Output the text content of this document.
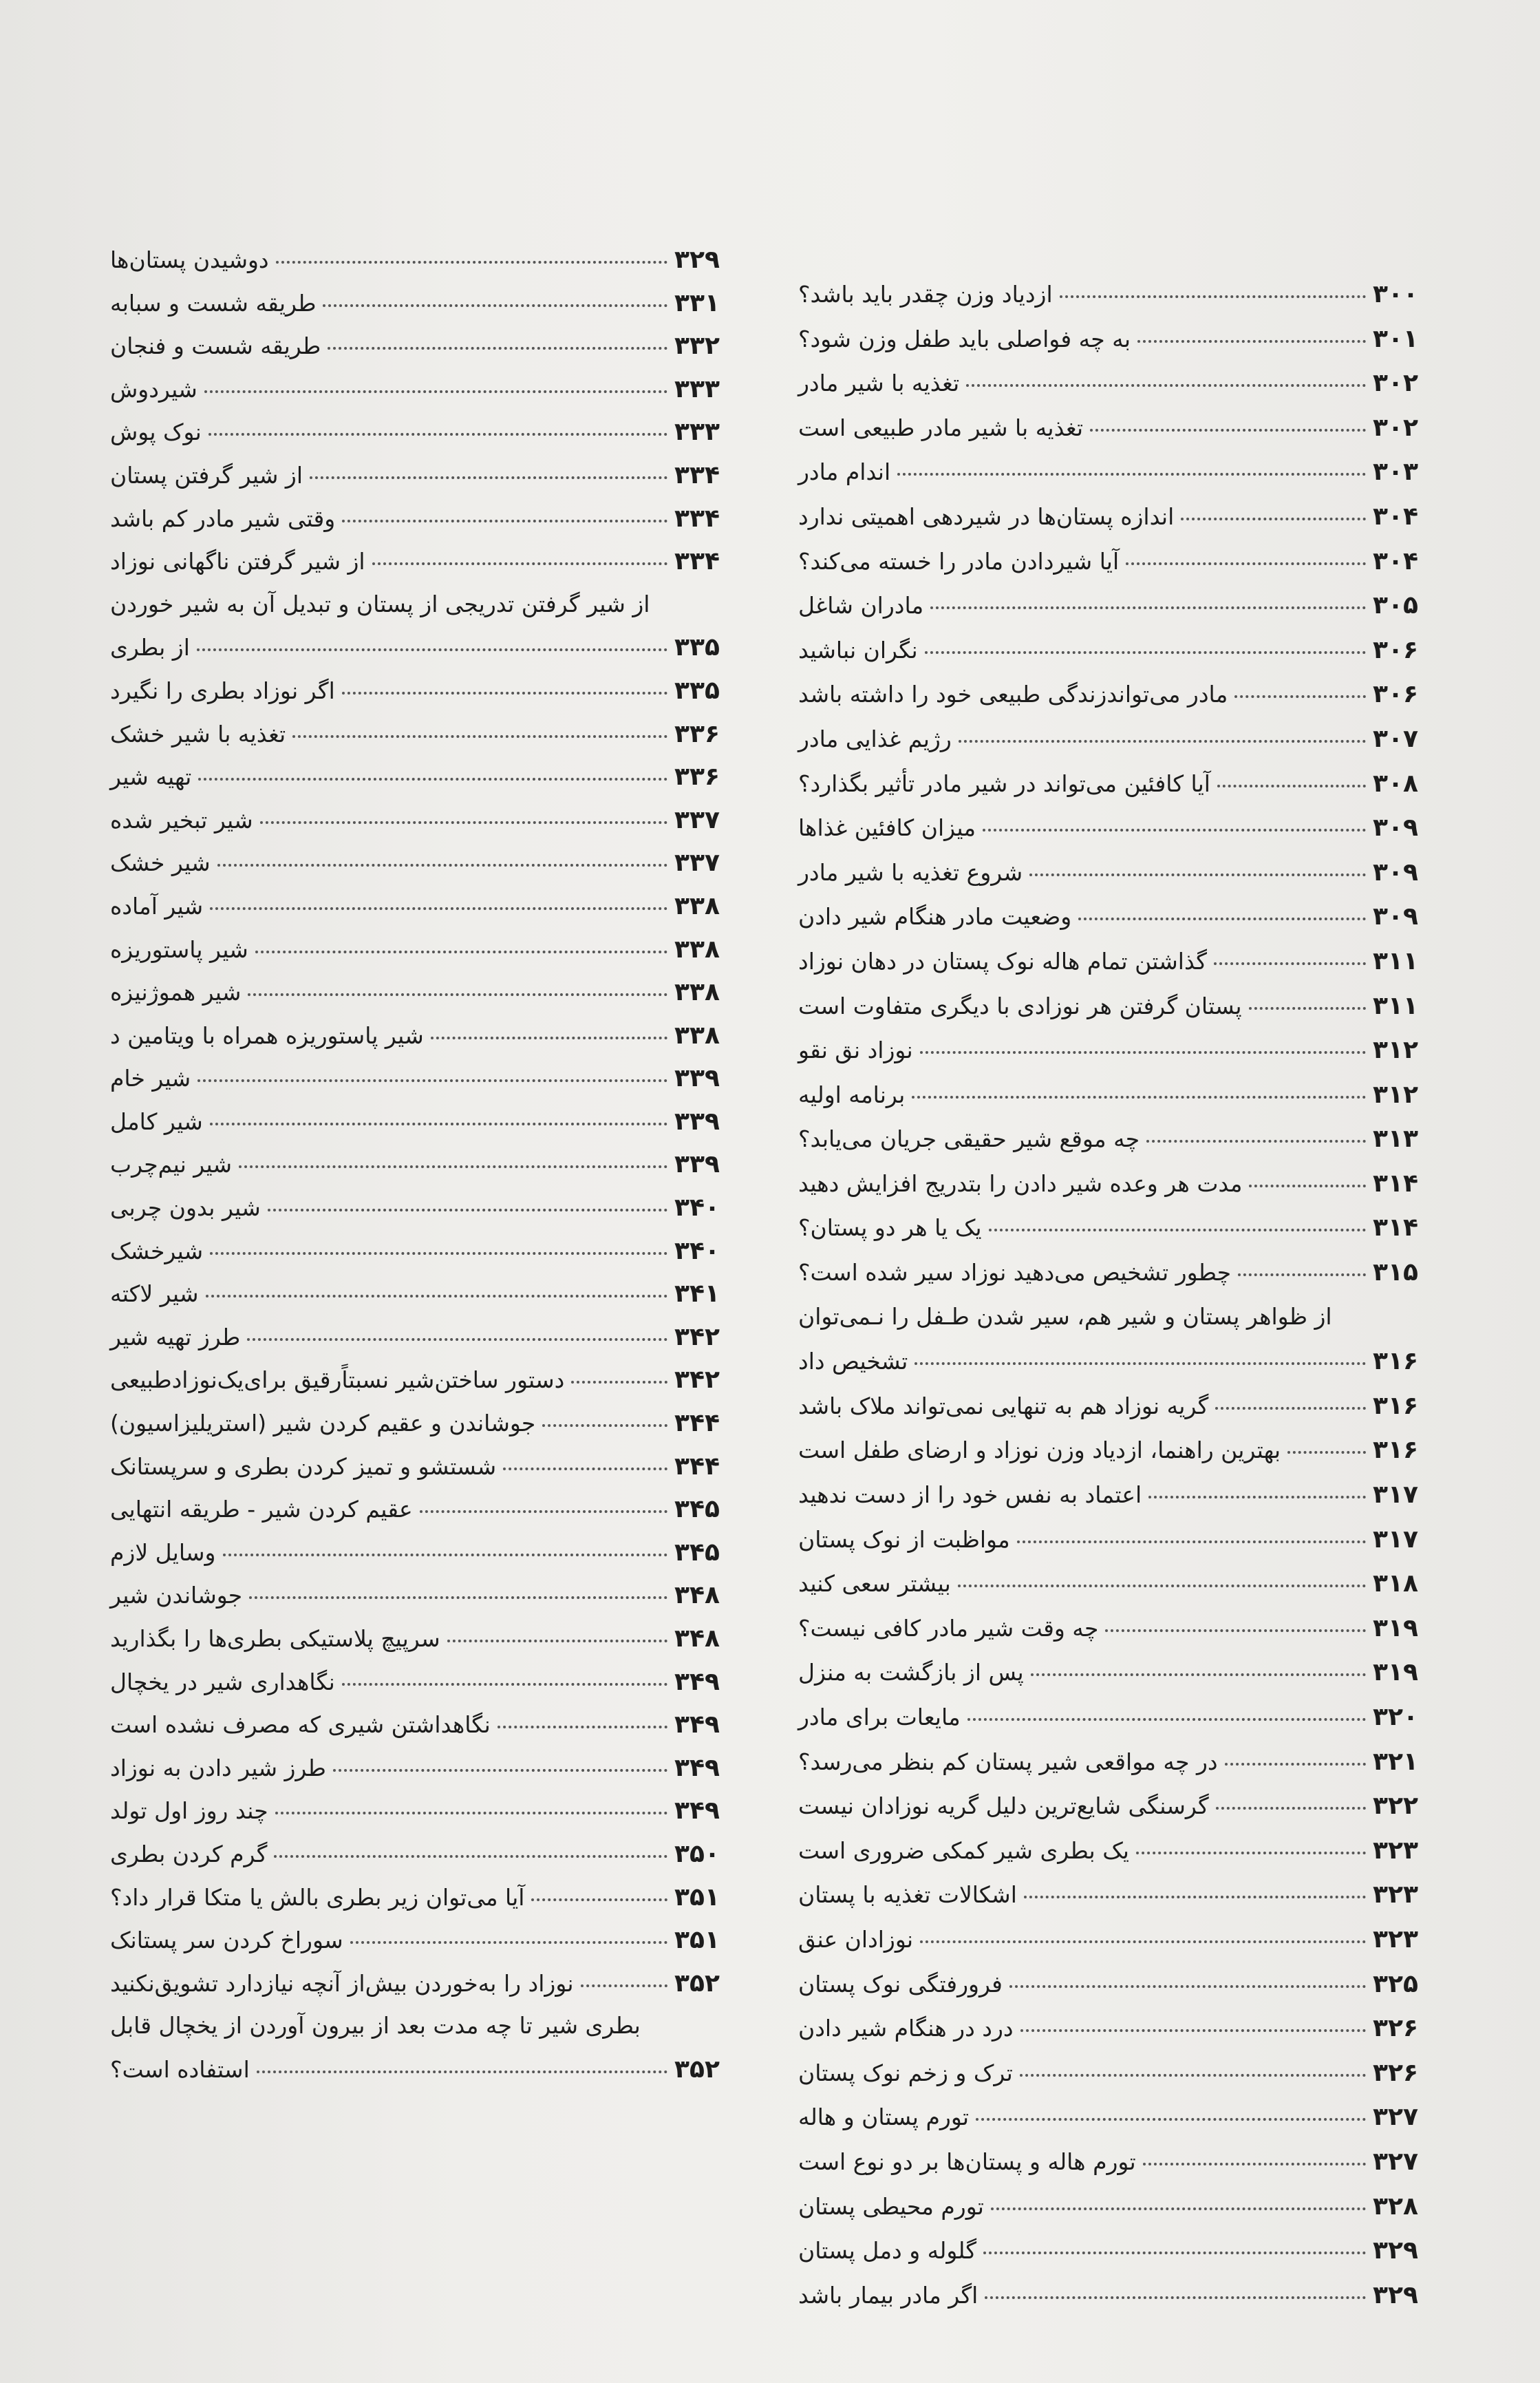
ازدیاد وزن چقدر باید باشد؟	۳۰۰
به چه فواصلی باید طفل وزن شود؟	۳۰۱
تغذیه با شیر مادر	۳۰۲
تغذیه با شیر مادر طبیعی است	۳۰۲
اندام مادر	۳۰۳
اندازه پستان‌ها در شیردهی اهمیتی ندارد	۳۰۴
آیا شیردادن مادر را خسته می‌کند؟	۳۰۴
مادران شاغل	۳۰۵
نگران نباشید	۳۰۶
مادر می‌تواندزندگی طبیعی خود را داشته باشد	۳۰۶
رژیم غذایی مادر	۳۰۷
آیا کافئین می‌تواند در شیر مادر تأثیر بگذارد؟	۳۰۸
میزان کافئین غذاها	۳۰۹
شروع تغذیه با شیر مادر	۳۰۹
وضعیت مادر هنگام شیر دادن	۳۰۹
گذاشتن تمام هاله نوک پستان در دهان نوزاد	۳۱۱
پستان گرفتن هر نوزادی با دیگری متفاوت است	۳۱۱
نوزاد نق نقو	۳۱۲
برنامه اولیه	۳۱۲
چه موقع شیر حقیقی جریان می‌یابد؟	۳۱۳
مدت هر وعده شیر دادن را بتدریج افزایش دهید	۳۱۴
یک یا هر دو پستان؟	۳۱۴
چطور تشخیص می‌دهید نوزاد سیر شده است؟	۳۱۵
از ظواهر پستان و شیر هم، سیر شدن طـفل را نـمی‌توان
تشخیص داد	۳۱۶
گریه نوزاد هم به تنهایی نمی‌تواند ملاک باشد	۳۱۶
بهترین راهنما، ازدیاد وزن نوزاد و ارضای طفل است	۳۱۶
اعتماد به نفس خود را از دست ندهید	۳۱۷
مواظبت از نوک پستان	۳۱۷
بیشتر سعی کنید	۳۱۸
چه وقت شیر مادر کافی نیست؟	۳۱۹
پس از بازگشت به منزل	۳۱۹
مایعات برای مادر	۳۲۰
در چه مواقعی شیر پستان کم بنظر می‌رسد؟	۳۲۱
گرسنگی شایع‌ترین دلیل گریه نوزادان نیست	۳۲۲
یک بطری شیر کمکی ضروری است	۳۲۳
اشکالات تغذیه با پستان	۳۲۳
نوزادان عنق	۳۲۳
فرورفتگی نوک پستان	۳۲۵
درد در هنگام شیر دادن	۳۲۶
ترک و زخم نوک پستان	۳۲۶
تورم پستان و هاله	۳۲۷
تورم هاله و پستان‌ها بر دو نوع است	۳۲۷
تورم محیطی پستان	۳۲۸
گلوله و دمل پستان	۳۲۹
اگر مادر بیمار باشد	۳۲۹
دوشیدن پستان‌ها	۳۲۹
طریقه شست و سبابه	۳۳۱
طریقه شست و فنجان	۳۳۲
شیردوش	۳۳۳
نوک پوش	۳۳۳
از شیر گرفتن پستان	۳۳۴
وقتی شیر مادر کم باشد	۳۳۴
از شیر گرفتن ناگهانی نوزاد	۳۳۴
از شیر گرفتن تدریجی از پستان و تبدیل آن به شیر خوردن
از بطری	۳۳۵
اگر نوزاد بطری را نگیرد	۳۳۵
تغذیه با شیر خشک	۳۳۶
تهیه شیر	۳۳۶
شیر تبخیر شده	۳۳۷
شیر خشک	۳۳۷
شیر آماده	۳۳۸
شیر پاستوریزه	۳۳۸
شیر هموژنیزه	۳۳۸
شیر پاستوریزه همراه با ویتامین د	۳۳۸
شیر خام	۳۳۹
شیر کامل	۳۳۹
شیر نیم‌چرب	۳۳۹
شیر بدون چربی	۳۴۰
شیرخشک	۳۴۰
شیر لاکته	۳۴۱
طرز تهیه شیر	۳۴۲
دستور ساختن‌شیر نسبتاًرقیق برای‌یک‌نوزادطبیعی	۳۴۲
جوشاندن و عقیم کردن شیر (استریلیزاسیون)	۳۴۴
شستشو و تمیز کردن بطری و سرپستانک	۳۴۴
عقیم کردن شیر - طریقه انتهایی	۳۴۵
وسایل لازم	۳۴۵
جوشاندن شیر	۳۴۸
سرپیچ پلاستیکی بطری‌ها را بگذارید	۳۴۸
نگاهداری شیر در یخچال	۳۴۹
نگاهداشتن شیری که مصرف نشده است	۳۴۹
طرز شیر دادن به نوزاد	۳۴۹
چند روز اول تولد	۳۴۹
گرم کردن بطری	۳۵۰
آیا می‌توان زیر بطری بالش یا متکا قرار داد؟	۳۵۱
سوراخ کردن سر پستانک	۳۵۱
نوزاد را به‌خوردن بیش‌از آنچه نیازدارد تشویق‌نکنید	۳۵۲
بطری شیر تا چه مدت بعد از بیرون آوردن از یخچال قابل
استفاده است؟	۳۵۲
